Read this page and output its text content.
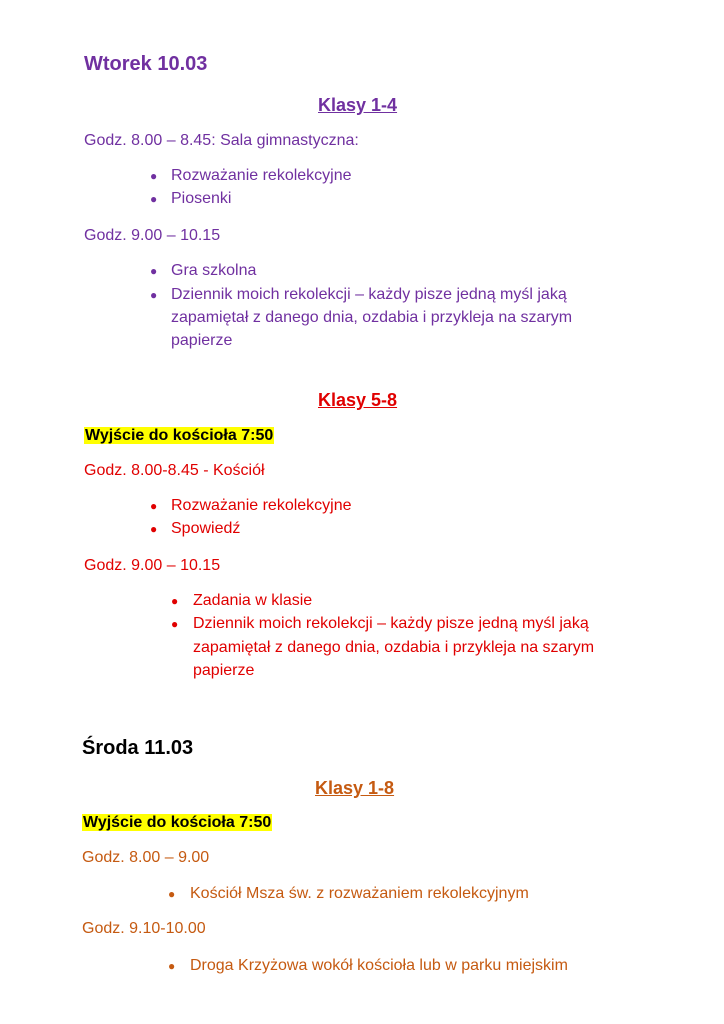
Wtorek 10.03
Klasy 1-4
Godz. 8.00 – 8.45: Sala gimnastyczna:
● Rozważanie rekolekcyjne
● Piosenki
Godz. 9.00 – 10.15
● Gra szkolna
● Dziennik moich rekolekcji – każdy pisze jedną myśl jaką
zapamiętał z danego dnia, ozdabia i przykleja na szarym
papierze
Klasy 5-8
Wyjście do kościoła 7:50
Godz. 8.00-8.45 - Kościół
● Rozważanie rekolekcyjne
● Spowiedź
Godz. 9.00 – 10.15
● Zadania w klasie
● Dziennik moich rekolekcji – każdy pisze jedną myśl jaką
zapamiętał z danego dnia, ozdabia i przykleja na szarym
papierze
Środa 11.03
Klasy 1-8
Wyjście do kościoła 7:50
Godz. 8.00 – 9.00
● Kościół Msza św. z rozważaniem rekolekcyjnym
Godz. 9.10-10.00
● Droga Krzyżowa wokół kościoła lub w parku miejskim
